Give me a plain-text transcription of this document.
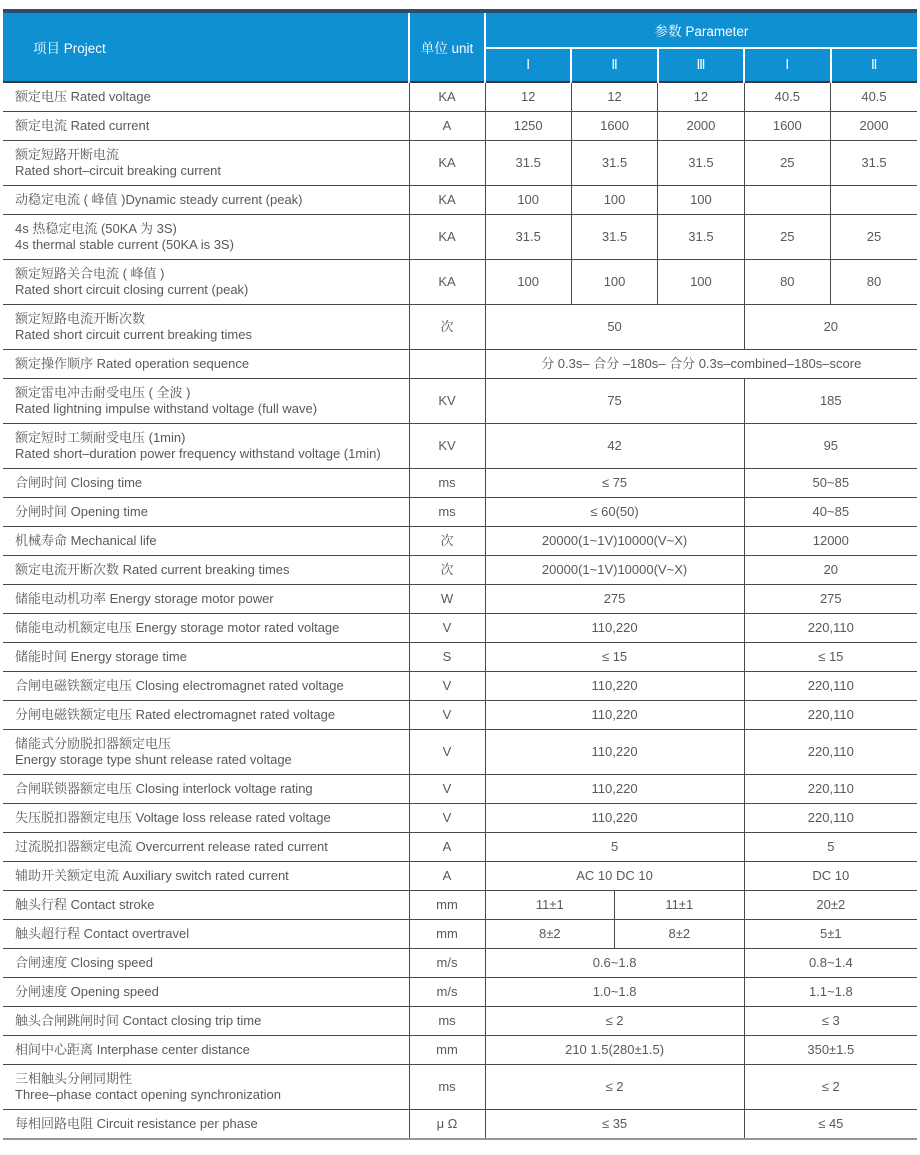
项目 Project	单位 unit	参数 Parameter					
		Ⅰ	Ⅱ		Ⅲ	Ⅰ	Ⅱ
额定电压 Rated voltage	KA	12	12		12	40.5	40.5
额定电流 Rated current	A	1250	1600		2000	1600	2000
额定短路开断电流
Rated short–circuit breaking current	KA	31.5	31.5		31.5	25	31.5
动稳定电流 ( 峰值 )Dynamic steady current (peak)	KA	100	100		100		
4s 热稳定电流 (50KA 为 3S)
4s thermal stable current (50KA is 3S)	KA	31.5	31.5		31.5	25	25
额定短路关合电流 ( 峰值 )
Rated short circuit closing current (peak)	KA	100	100		100	80	80
额定短路电流开断次数
Rated short circuit current breaking times	次	50				20	
额定操作顺序 Rated operation sequence		分 0.3s– 合分 –180s– 合分 0.3s–combined–180s–score					
额定雷电冲击耐受电压 ( 全波 )
Rated lightning impulse withstand voltage (full wave)	KV	75				185	
额定短时工频耐受电压 (1min)
Rated short–duration power frequency withstand voltage (1min)	KV	42				95	
合闸时间 Closing time	ms	≤ 75				50~85	
分闸时间 Opening time	ms	≤ 60(50)				40~85	
机械寿命 Mechanical life	次	20000(1~1V)10000(V~X)				12000	
额定电流开断次数 Rated current breaking times	次	20000(1~1V)10000(V~X)				20	
储能电动机功率 Energy storage motor power	W	275				275	
储能电动机额定电压 Energy storage motor rated voltage	V	110,220				220,110	
储能时间 Energy storage time	S	≤ 15				≤ 15	
合闸电磁铁额定电压 Closing electromagnet rated voltage	V	110,220				220,110	
分闸电磁铁额定电压 Rated electromagnet rated voltage	V	110,220				220,110	
储能式分励脱扣器额定电压
Energy storage type shunt release rated voltage	V	110,220				220,110	
合闸联锁器额定电压 Closing interlock voltage rating	V	110,220				220,110	
失压脱扣器额定电压 Voltage loss release rated voltage	V	110,220				220,110	
过流脱扣器额定电流 Overcurrent release rated current	A	5				5	
辅助开关额定电流 Auxiliary switch rated current	A	AC 10 DC 10				DC 10	
触头行程 Contact stroke	mm	11±1		11±1		20±2	
触头超行程 Contact overtravel	mm	8±2		8±2		5±1	
合闸速度 Closing speed	m/s	0.6~1.8				0.8~1.4	
分闸速度 Opening speed	m/s	1.0~1.8				1.1~1.8	
触头合闸跳闸时间 Contact closing trip time	ms	≤ 2				≤ 3	
相间中心距离 Interphase center distance	mm	210 1.5(280±1.5)				350±1.5	
三相触头分闸同期性
Three–phase contact opening synchronization	ms	≤ 2				≤ 2	
每相回路电阻 Circuit resistance per phase	μ Ω	≤ 35				≤ 45	
